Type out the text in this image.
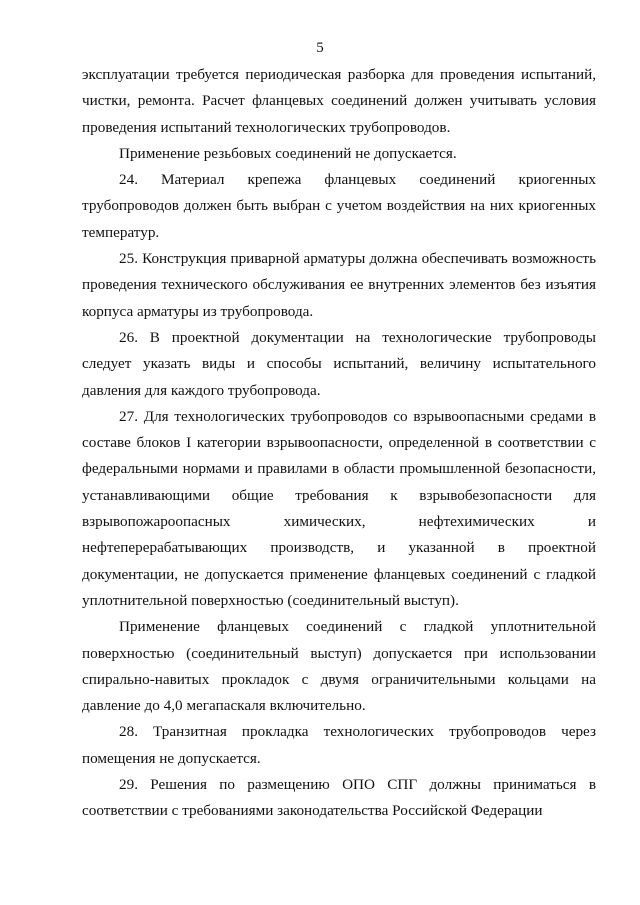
5

эксплуатации требуется периодическая разборка для проведения испытаний, чистки, ремонта. Расчет фланцевых соединений должен учитывать условия проведения испытаний технологических трубопроводов.

Применение резьбовых соединений не допускается.

24. Материал крепежа фланцевых соединений криогенных трубопроводов должен быть выбран с учетом воздействия на них криогенных температур.

25. Конструкция приварной арматуры должна обеспечивать возможность проведения технического обслуживания ее внутренних элементов без изъятия корпуса арматуры из трубопровода.

26. В проектной документации на технологические трубопроводы следует указать виды и способы испытаний, величину испытательного давления для каждого трубопровода.

27. Для технологических трубопроводов со взрывоопасными средами в составе блоков I категории взрывоопасности, определенной в соответствии с федеральными нормами и правилами в области промышленной безопасности, устанавливающими общие требования к взрывобезопасности для взрывопожароопасных химических, нефтехимических и нефтеперерабатывающих производств, и указанной в проектной документации, не допускается применение фланцевых соединений с гладкой уплотнительной поверхностью (соединительный выступ).

Применение фланцевых соединений с гладкой уплотнительной поверхностью (соединительный выступ) допускается при использовании спирально-навитых прокладок с двумя ограничительными кольцами на давление до 4,0 мегапаскаля включительно.

28. Транзитная прокладка технологических трубопроводов через помещения не допускается.

29. Решения по размещению ОПО СПГ должны приниматься в соответствии с требованиями законодательства Российской Федерации
